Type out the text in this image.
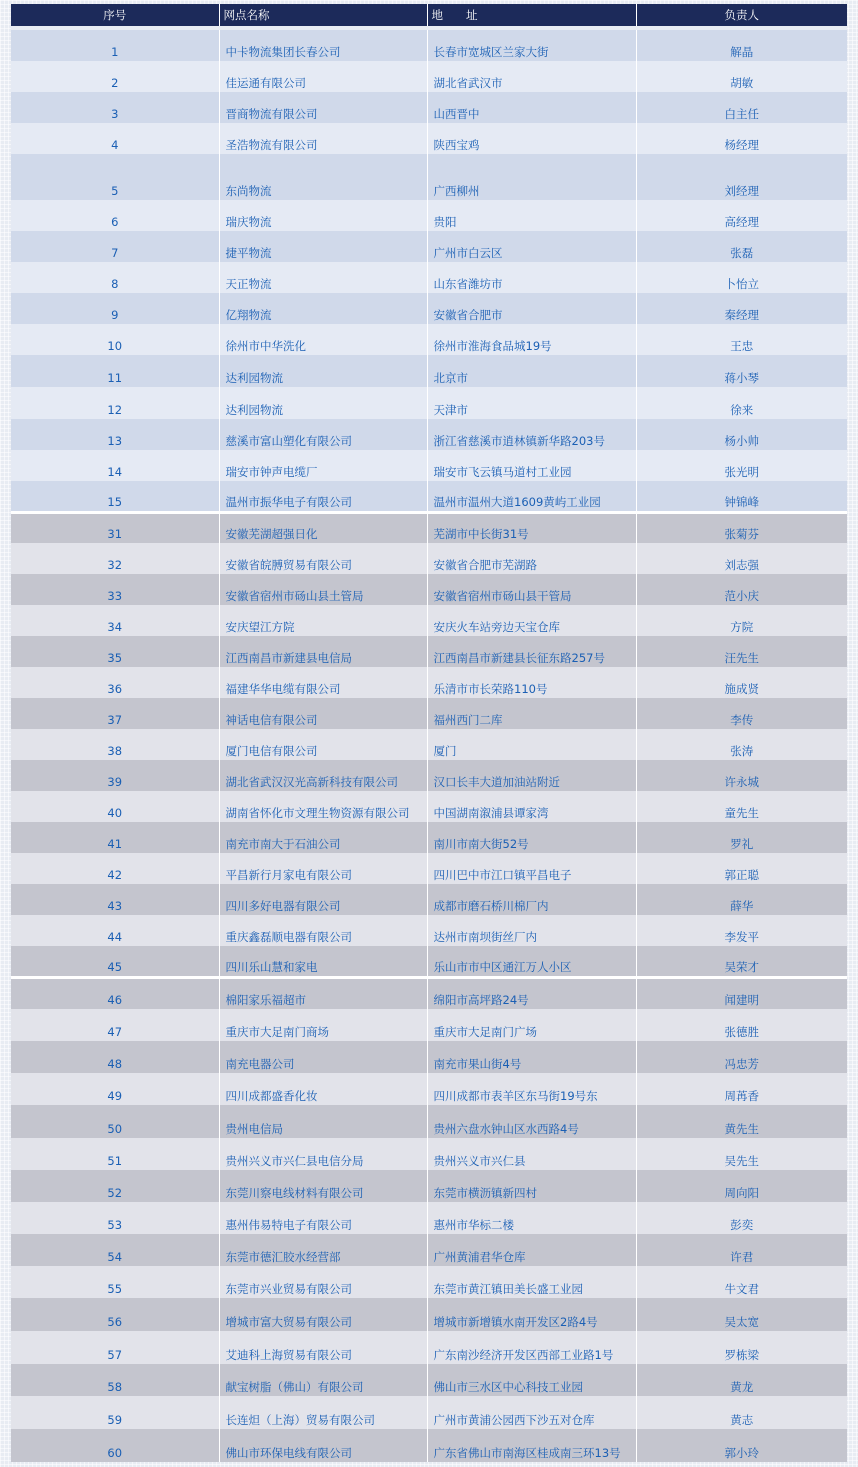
序号	网点名称	地　　址	负责人

1	中卡物流集团长春公司	长春市宽城区兰家大街	解晶
2	佳运通有限公司	湖北省武汉市	胡敏
3	晋商物流有限公司	山西晋中	白主任
4	圣浩物流有限公司	陕西宝鸡	杨经理
5	东尚物流	广西柳州	刘经理
6	瑞庆物流	贵阳	高经理
7	捷平物流	广州市白云区	张磊
8	天正物流	山东省潍坊市	卜怡立
9	亿翔物流	安徽省合肥市	秦经理
10	徐州市中华洗化	徐州市淮海食品城19号	王忠
11	达利园物流	北京市	蒋小琴
12	达利园物流	天津市	徐来
13	慈溪市富山塑化有限公司	浙江省慈溪市逍林镇新华路203号	杨小帅
14	瑞安市钟声电缆厂	瑞安市飞云镇马道村工业园	张光明
15	温州市振华电子有限公司	温州市温州大道1609黄屿工业园	钟锦峰
31	安徽芜湖超强日化	芜湖市中长街31号	张菊芬
32	安徽省皖膊贸易有限公司	安徽省合肥市芜湖路	刘志强
33	安徽省宿州市砀山县土管局	安徽省宿州市砀山县干管局	范小庆
34	安庆望江方院	安庆火车站旁边天宝仓库	方院
35	江西南昌市新建县电信局	江西南昌市新建县长征东路257号	汪先生
36	福建华华电缆有限公司	乐清市市长荣路110号	施成贤
37	神话电信有限公司	福州西门二库	李传
38	厦门电信有限公司	厦门	张涛
39	湖北省武汉汉光高新科技有限公司	汉口长丰大道加油站附近	许永城
40	湖南省怀化市文理生物资源有限公司	中国湖南溆浦县谭家湾	童先生
41	南充市南大于石油公司	南川市南大街52号	罗礼
42	平昌新行月家电有限公司	四川巴中市江口镇平昌电子	郭正聪
43	四川多好电器有限公司	成都市磨石桥川棉厂内	薛华
44	重庆鑫磊顺电器有限公司	达州市南坝街丝厂内	李发平
45	四川乐山慧和家电	乐山市市中区通江万人小区	吴荣才
46	棉阳家乐福超市	绵阳市高坪路24号	闻建明
47	重庆市大足南门商场	重庆市大足南门广场	张德胜
48	南充电器公司	南充市果山街4号	冯忠芳
49	四川成都盛香化妆	四川成都市表羊区东马街19号东	周苒香
50	贵州电信局	贵州六盘水钟山区水西路4号	黄先生
51	贵州兴义市兴仁县电信分局	贵州兴义市兴仁县	吴先生
52	东莞川察电线材料有限公司	东莞市横沥镇新四村	周向阳
53	惠州伟易特电子有限公司	惠州市华标二楼	彭奕
54	东莞市德汇胶水经营部	广州黄浦君华仓库	许君
55	东莞市兴业贸易有限公司	东莞市黄江镇田美长盛工业园	牛文君
56	增城市富大贸易有限公司	增城市新增镇水南开发区2路4号	吴太宽
57	艾迪科上海贸易有限公司	广东南沙经济开发区西部工业路1号	罗栋梁
58	献宝树脂（佛山）有限公司	佛山市三水区中心科技工业园	黄龙
59	长连炟（上海）贸易有限公司	广州市黄浦公园西下沙五对仓库	黄志
60	佛山市环保电线有限公司	广东省佛山市南海区桂成南三环13号	郭小玲
